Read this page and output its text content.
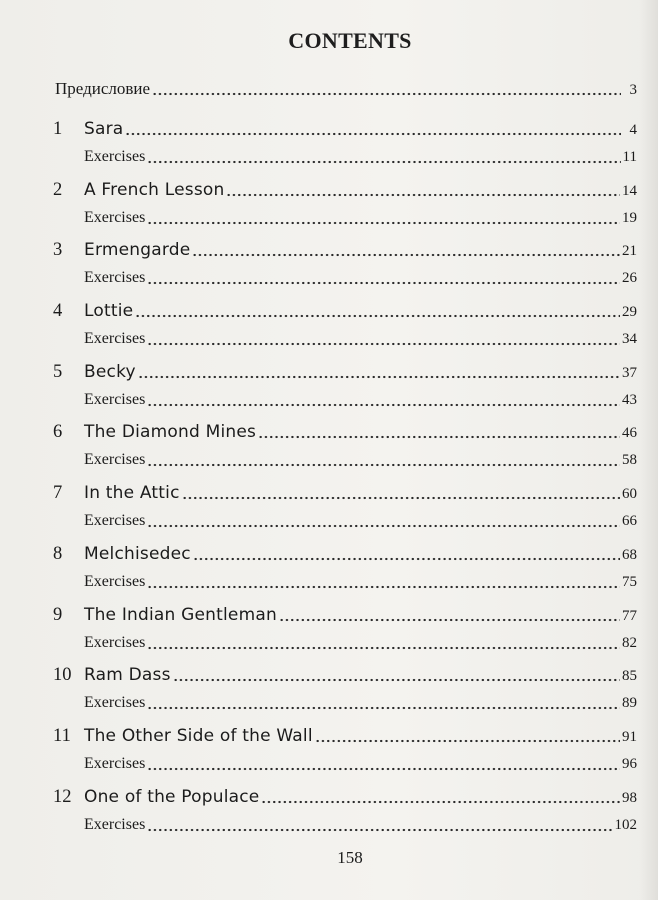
CONTENTS
Предисловие	3
1	Sara	4
Exercises	11
2	A French Lesson	14
Exercises	19
3	Ermengarde	21
Exercises	26
4	Lottie	29
Exercises	34
5	Becky	37
Exercises	43
6	The Diamond Mines	46
Exercises	58
7	In the Attic	60
Exercises	66
8	Melchisedec	68
Exercises	75
9	The Indian Gentleman	77
Exercises	82
10 Ram Dass	85
Exercises	89
11 The Other Side of the Wall	91
Exercises	96
12 One of the Populace	98
Exercises	102
158
